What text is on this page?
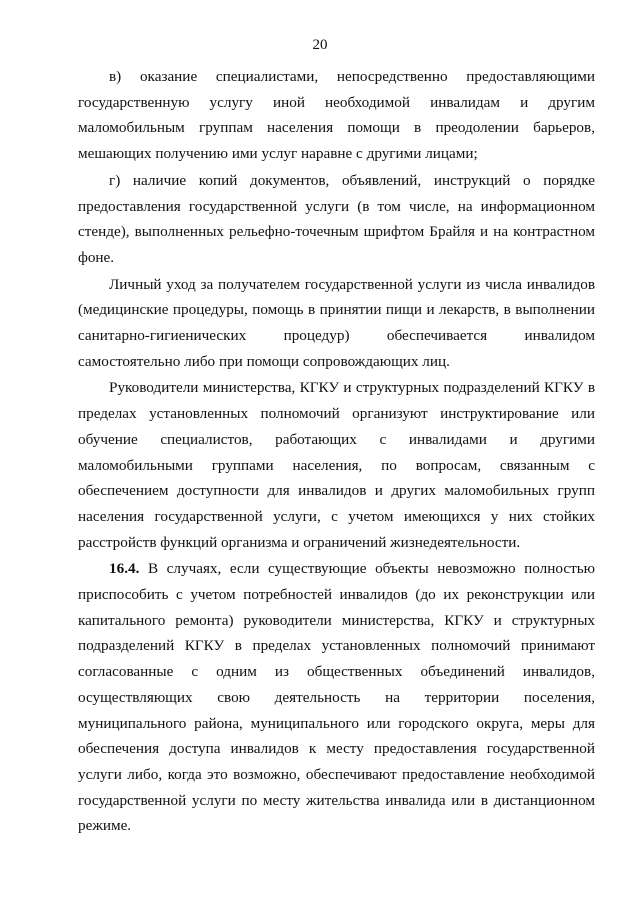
20

в) оказание специалистами, непосредственно предоставляющими государственную услугу иной необходимой инвалидам и другим маломобильным группам населения помощи в преодолении барьеров, мешающих получению ими услуг наравне с другими лицами;

г) наличие копий документов, объявлений, инструкций о порядке предоставления государственной услуги (в том числе, на информационном стенде), выполненных рельефно-точечным шрифтом Брайля и на контрастном фоне.

Личный уход за получателем государственной услуги из числа инвалидов (медицинские процедуры, помощь в принятии пищи и лекарств, в выполнении санитарно-гигиенических процедур) обеспечивается инвалидом самостоятельно либо при помощи сопровождающих лиц.

Руководители министерства, КГКУ и структурных подразделений КГКУ в пределах установленных полномочий организуют инструктирование или обучение специалистов, работающих с инвалидами и другими маломобильными группами населения, по вопросам, связанным с обеспечением доступности для инвалидов и других маломобильных групп населения государственной услуги, с учетом имеющихся у них стойких расстройств функций организма и ограничений жизнедеятельности.

16.4. В случаях, если существующие объекты невозможно полностью приспособить с учетом потребностей инвалидов (до их реконструкции или капитального ремонта) руководители министерства, КГКУ и структурных подразделений КГКУ в пределах установленных полномочий принимают согласованные с одним из общественных объединений инвалидов, осуществляющих свою деятельность на территории поселения, муниципального района, муниципального или городского округа, меры для обеспечения доступа инвалидов к месту предоставления государственной услуги либо, когда это возможно, обеспечивают предоставление необходимой государственной услуги по месту жительства инвалида или в дистанционном режиме.
